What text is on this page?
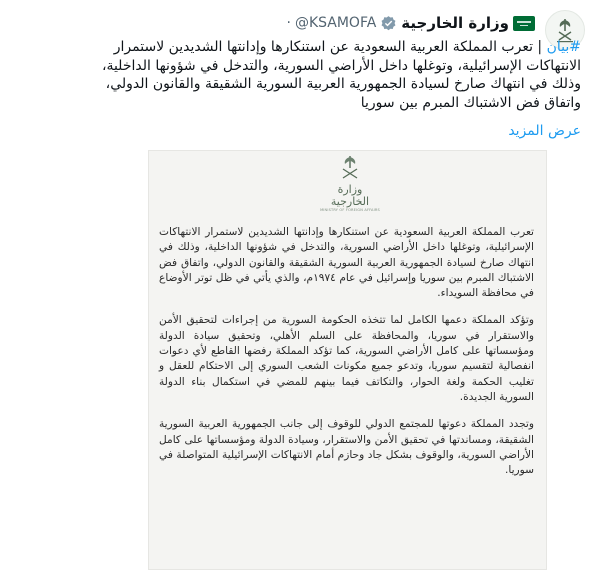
وزارة الخارجية
@KSAMOFA
·

#بيان | تعرب المملكة العربية السعودية عن استنكارها وإدانتها الشديدين لاستمرار

الانتهاكات الإسرائيلية، وتوغلها داخل الأراضي السورية، والتدخل في شؤونها الداخلية،

وذلك في انتهاك صارخ لسيادة الجمهورية العربية السورية الشقيقة والقانون الدولي،

واتفاق فض الاشتباك المبرم بين سوريا

عرض المزيد
وزارة الخارجية
MINISTRY OF FOREIGN AFFAIRS

تعرب المملكة العربية السعودية عن استنكارها وإدانتها الشديدين لاستمرار الانتهاكات الإسرائيلية، وتوغلها داخل الأراضي السورية، والتدخل في شؤونها الداخلية، وذلك في انتهاك صارخ لسيادة الجمهورية العربية السورية الشقيقة والقانون الدولي، واتفاق فض الاشتباك المبرم بين سوريا وإسرائيل في عام ١٩٧٤م، والذي يأتي في ظل توتر الأوضاع في محافظة السويداء.

وتؤكد المملكة دعمها الكامل لما تتخذه الحكومة السورية من إجراءات لتحقيق الأمن والاستقرار في سوريا، والمحافظة على السلم الأهلي، وتحقيق سيادة الدولة ومؤسساتها على كامل الأراضي السورية، كما تؤكد المملكة رفضها القاطع لأي دعوات انفصالية لتقسيم سوريا، وتدعو جميع مكونات الشعب السوري إلى الاحتكام للعقل و تغليب الحكمة ولغة الحوار، والتكاتف فيما بينهم للمضي في استكمال بناء الدولة السورية الجديدة.

وتجدد المملكة دعوتها للمجتمع الدولي للوقوف إلى جانب الجمهورية العربية السورية الشقيقة، ومساندتها في تحقيق الأمن والاستقرار، وسيادة الدولة ومؤسساتها على كامل الأراضي السورية، والوقوف بشكل جاد وحازم أمام الانتهاكات الإسرائيلية المتواصلة في سوريا.
